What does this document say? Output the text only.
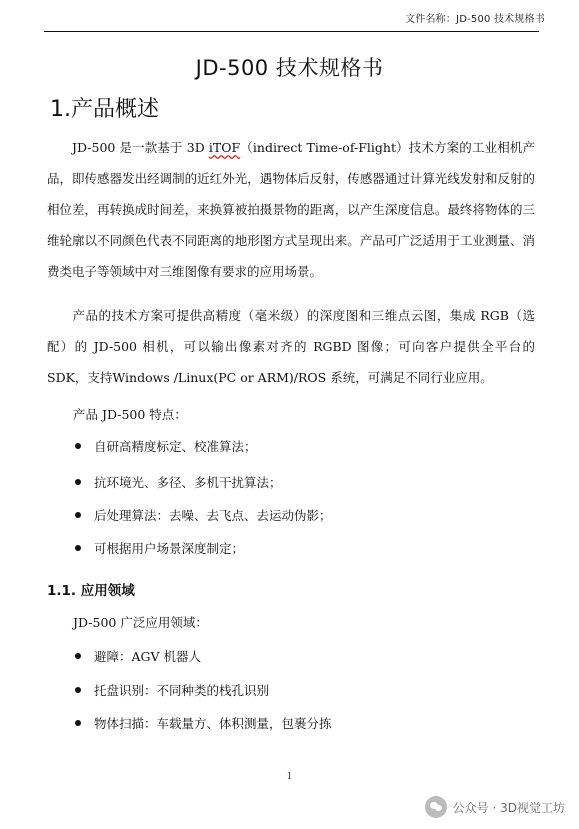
文件名称：JD-500 技术规格书
JD-500 技术规格书
1.产品概述

JD-500 是一款基于 3D iTOF（indirect Time-of-Flight）技术方案的工业相机产品，即传感器发出经调制的近红外光，遇物体后反射，传感器通过计算光线发射和反射的相位差，再转换成时间差，来换算被拍摄景物的距离，以产生深度信息。最终将物体的三维轮廓以不同颜色代表不同距离的地形图方式呈现出来。产品可广泛适用于工业测量、消费类电子等领域中对三维图像有要求的应用场景。

产品的技术方案可提供高精度（毫米级）的深度图和三维点云图，集成 RGB（选配）的 JD-500 相机，可以输出像素对齐的 RGBD 图像；可向客户提供全平台的 SDK，支持Windows /Linux(PC or ARM)/ROS 系统，可满足不同行业应用。

产品 JD-500 特点：
自研高精度标定、校准算法；
抗环境光、多径、多机干扰算法；
后处理算法：去噪、去飞点、去运动伪影；
可根据用户场景深度制定；
1.1. 应用领域
JD-500 广泛应用领域：
避障：AGV 机器人
托盘识别：不同种类的栈孔识别
物体扫描：车载量方、体积测量，包裹分拣
1
公众号 · 3D视觉工坊
